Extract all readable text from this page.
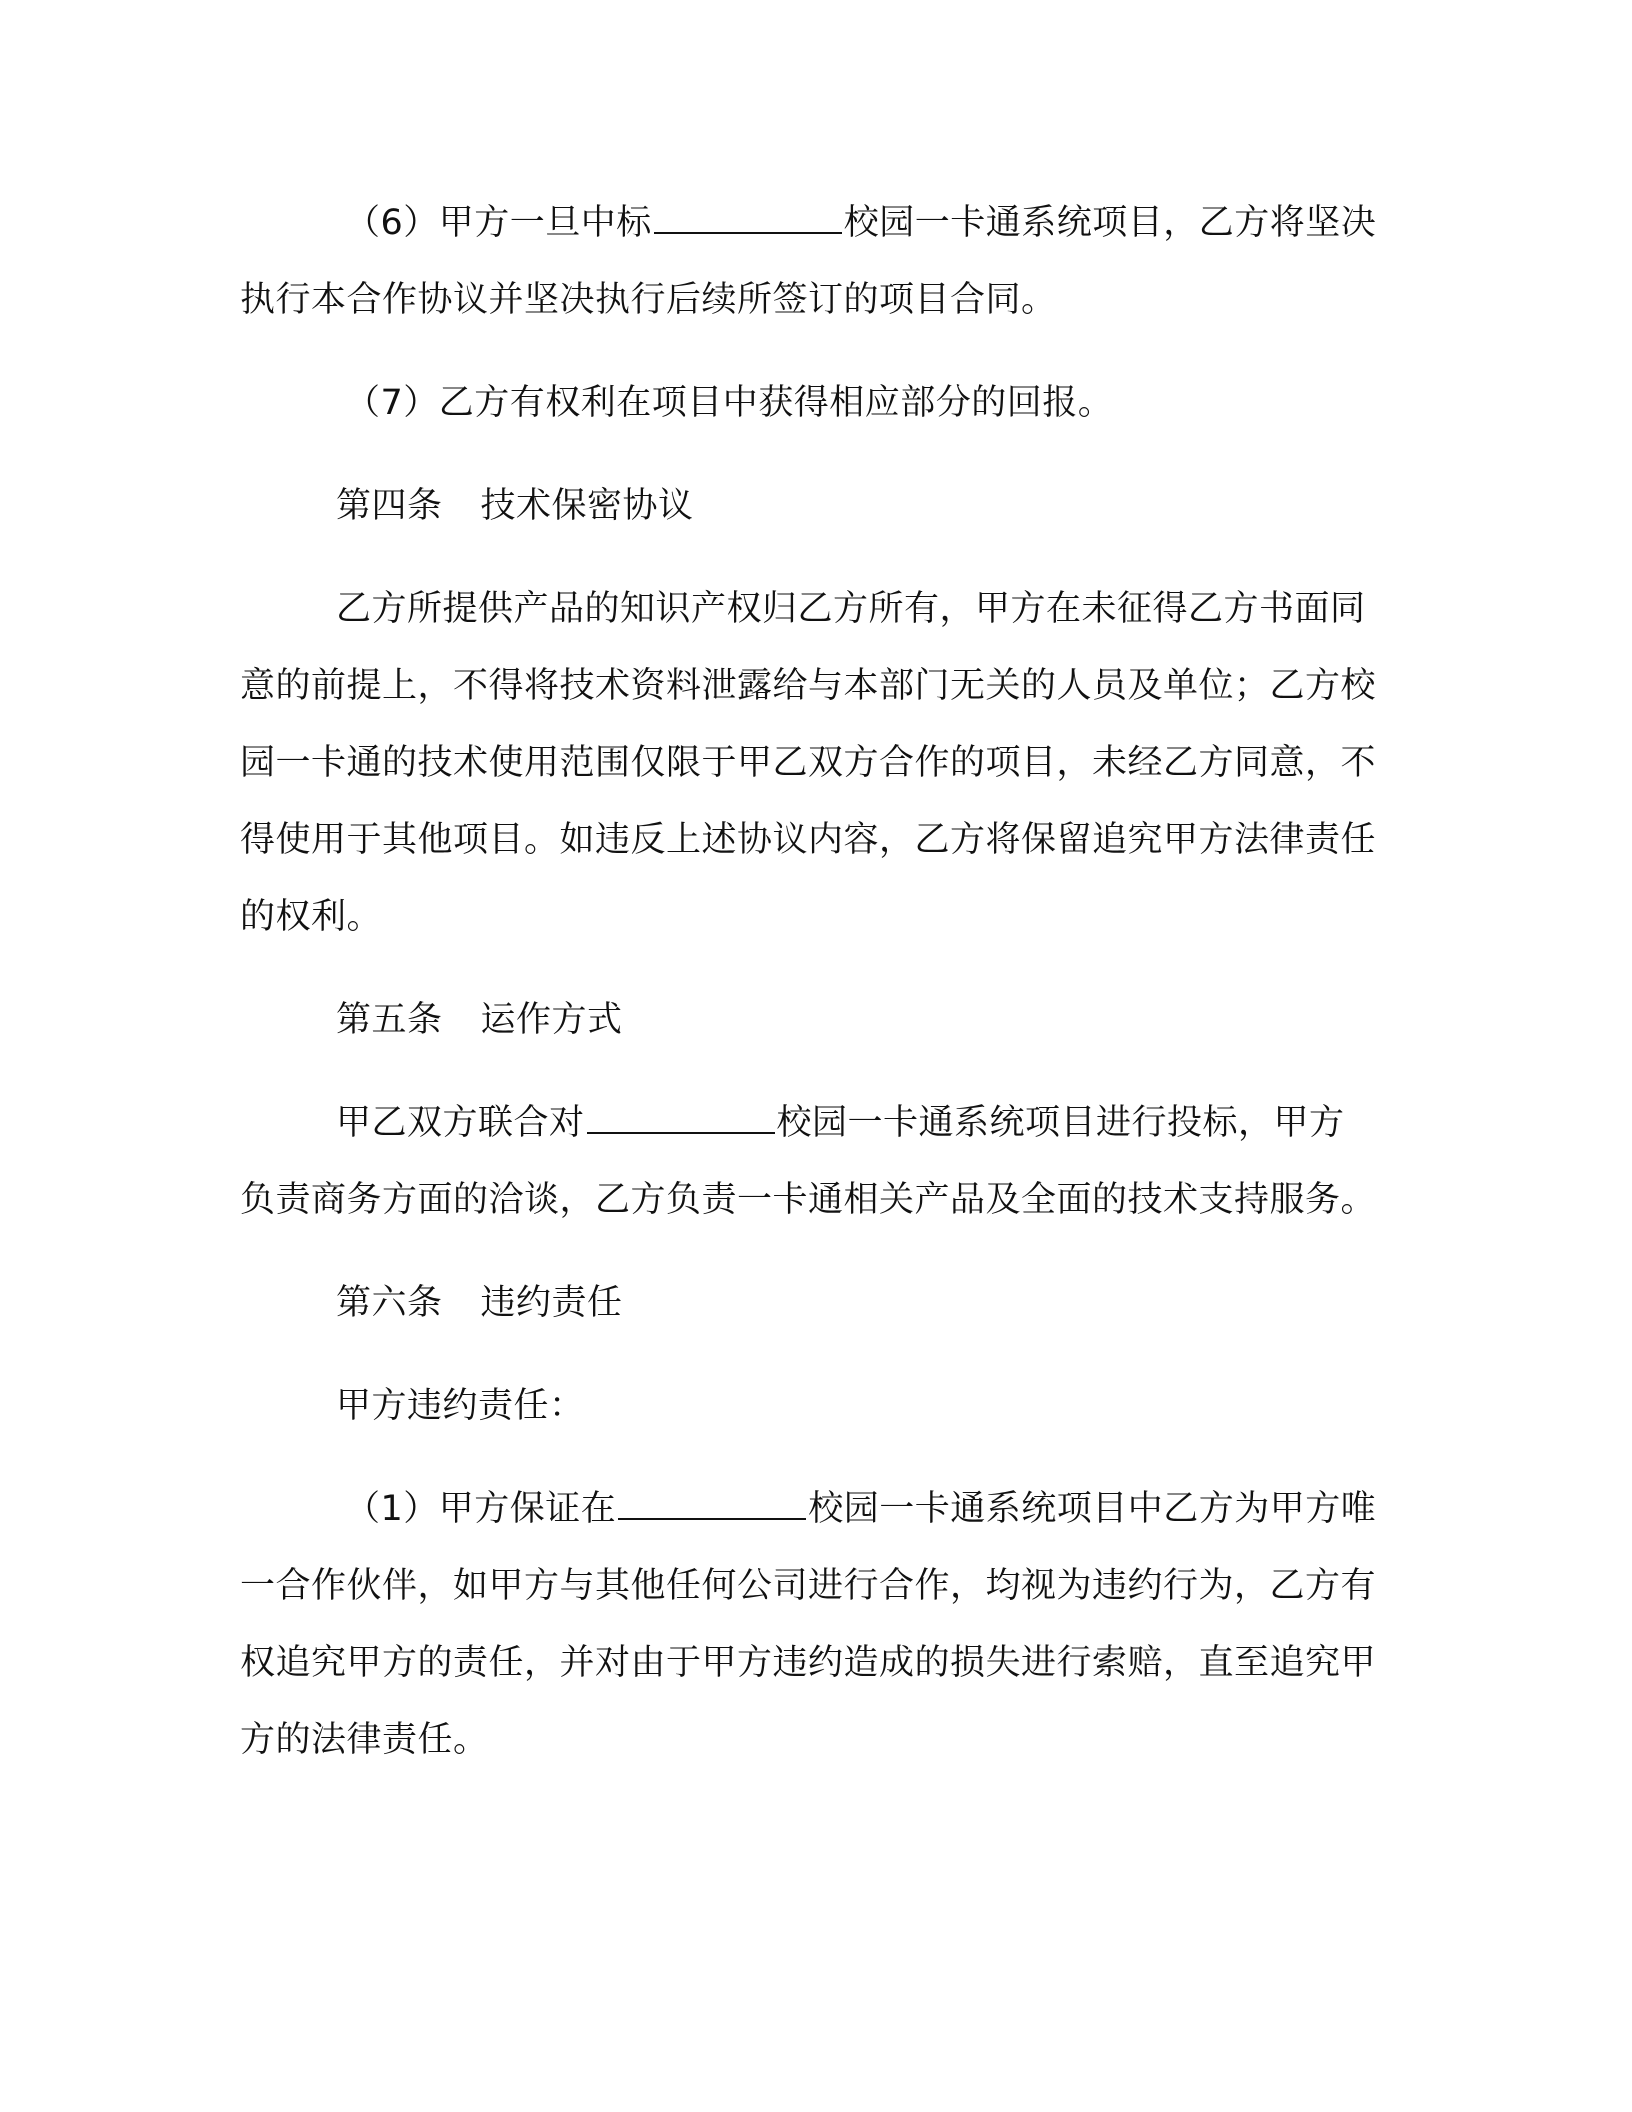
（6）甲方一旦中标	校园一卡通系统项目，乙方将坚决执行本合作协议并坚决执行后续所签订的项目合同。

（7）乙方有权利在项目中获得相应部分的回报。

第四条 技术保密协议

乙方所提供产品的知识产权归乙方所有，甲方在未征得乙方书面同意的前提上，不得将技术资料泄露给与本部门无关的人员及单位；乙方校园一卡通的技术使用范围仅限于甲乙双方合作的项目，未经乙方同意，不得使用于其他项目。如违反上述协议内容，乙方将保留追究甲方法律责任的权利。

第五条 运作方式

甲乙双方联合对	校园一卡通系统项目进行投标，甲方负责商务方面的洽谈，乙方负责一卡通相关产品及全面的技术支持服务。

第六条 违约责任

甲方违约责任：

（1）甲方保证在	校园一卡通系统项目中乙方为甲方唯一合作伙伴，如甲方与其他任何公司进行合作，均视为违约行为，乙方有权追究甲方的责任，并对由于甲方违约造成的损失进行索赔，直至追究甲方的法律责任。
